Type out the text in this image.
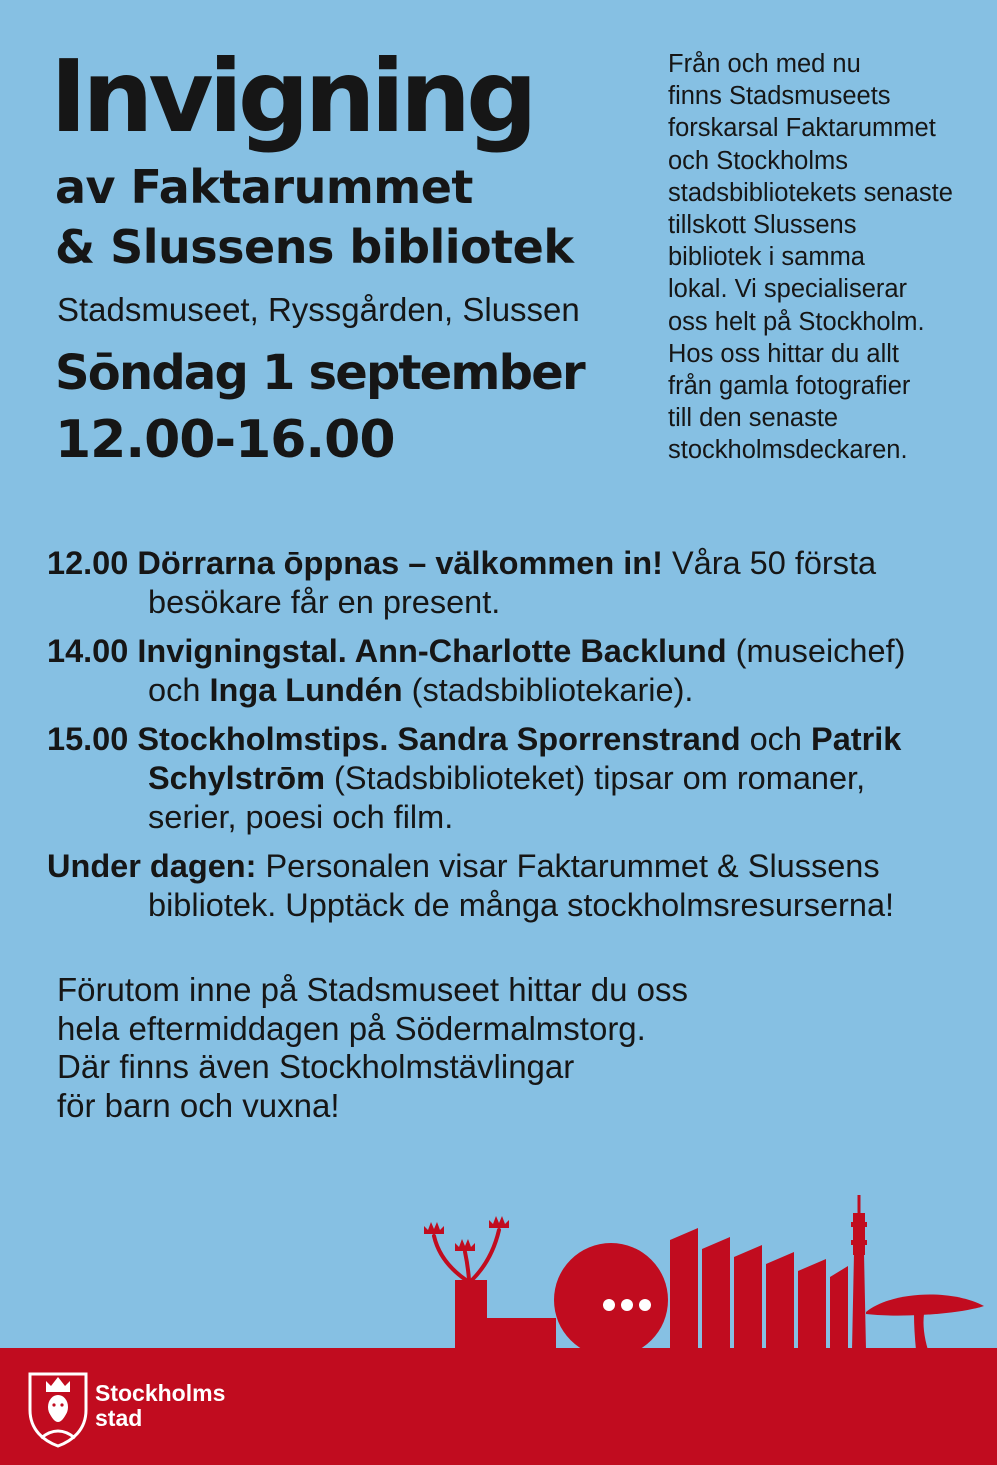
Invigning
av Faktarummet
& Slussens bibliotek
Stadsmuseet, Ryssgården, Slussen
Sōndag 1 september
12.00-16.00
Från och med nu
finns Stadsmuseets
forskarsal Faktarummet
och Stockholms
stadsbibliotekets senaste
tillskott Slussens
bibliotek i samma
lokal. Vi specialiserar
oss helt på Stockholm.
Hos oss hittar du allt
från gamla fotografier
till den senaste
stockholmsdeckaren.
12.00 Dörrarna ōppnas – välkommen in! Våra 50 första
besökare får en present.
14.00 Invigningstal. Ann-Charlotte Backlund (museichef)
och Inga Lundén (stadsbibliotekarie).
15.00 Stockholmstips. Sandra Sporrenstrand och Patrik
Schylstrōm (Stadsbiblioteket) tipsar om romaner,
serier, poesi och film.
Under dagen: Personalen visar Faktarummet & Slussens
bibliotek. Upptäck de många stockholmsresurserna!
Förutom inne på Stadsmuseet hittar du oss
hela eftermiddagen på Södermalmstorg.
Där finns även Stockholmstävlingar
för barn och vuxna!
Stockholms
stad
